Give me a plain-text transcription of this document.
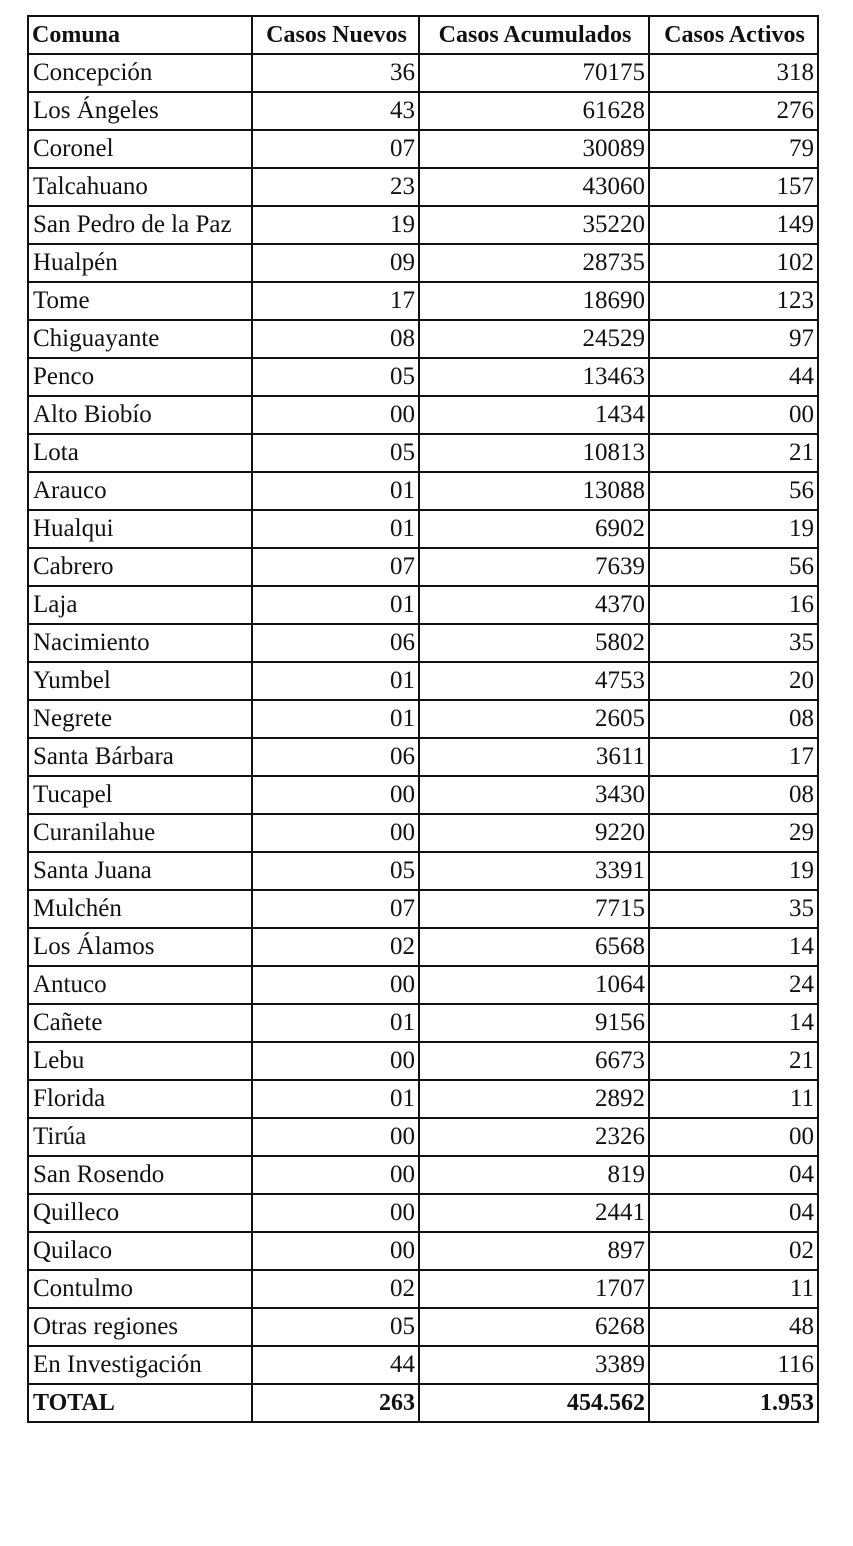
Comuna	Casos Nuevos	Casos Acumulados	Casos Activos
Concepción	36	70175	318
Los Ángeles	43	61628	276
Coronel	07	30089	79
Talcahuano	23	43060	157
San Pedro de la Paz	19	35220	149
Hualpén	09	28735	102
Tome	17	18690	123
Chiguayante	08	24529	97
Penco	05	13463	44
Alto Biobío	00	1434	00
Lota	05	10813	21
Arauco	01	13088	56
Hualqui	01	6902	19
Cabrero	07	7639	56
Laja	01	4370	16
Nacimiento	06	5802	35
Yumbel	01	4753	20
Negrete	01	2605	08
Santa Bárbara	06	3611	17
Tucapel	00	3430	08
Curanilahue	00	9220	29
Santa Juana	05	3391	19
Mulchén	07	7715	35
Los Álamos	02	6568	14
Antuco	00	1064	24
Cañete	01	9156	14
Lebu	00	6673	21
Florida	01	2892	11
Tirúa	00	2326	00
San Rosendo	00	819	04
Quilleco	00	2441	04
Quilaco	00	897	02
Contulmo	02	1707	11
Otras regiones	05	6268	48
En Investigación	44	3389	116
TOTAL	263	454.562	1.953
